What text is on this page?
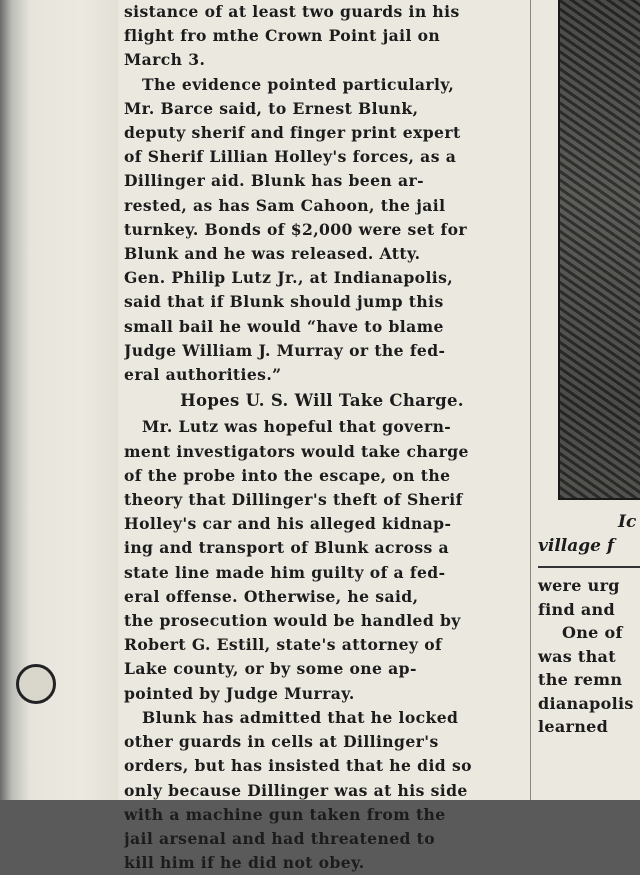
sistance of at least two guards in his
flight fro mthe Crown Point jail on
March 3.

The evidence pointed particularly,
Mr. Barce said, to Ernest Blunk,
deputy sherif and finger print expert
of Sherif Lillian Holley's forces, as a
Dillinger aid. Blunk has been ar-
rested, as has Sam Cahoon, the jail
turnkey. Bonds of $2,000 were set for
Blunk and he was released. Atty.
Gen. Philip Lutz Jr., at Indianapolis,
said that if Blunk should jump this
small bail he would “have to blame
Judge William J. Murray or the fed-
eral authorities.”

Hopes U. S. Will Take Charge.

Mr. Lutz was hopeful that govern-
ment investigators would take charge
of the probe into the escape, on the
theory that Dillinger's theft of Sherif
Holley's car and his alleged kidnap-
ing and transport of Blunk across a
state line made him guilty of a fed-
eral offense. Otherwise, he said,
the prosecution would be handled by
Robert G. Estill, state's attorney of
Lake county, or by some one ap-
pointed by Judge Murray.

Blunk has admitted that he locked
other guards in cells at Dillinger's
orders, but has insisted that he did so
only because Dillinger was at his side
with a machine gun taken from the
jail arsenal and had threatened to
kill him if he did not obey.

Ic
village f
were urg
find and
One of
was that
the remn
dianapolis
learned
